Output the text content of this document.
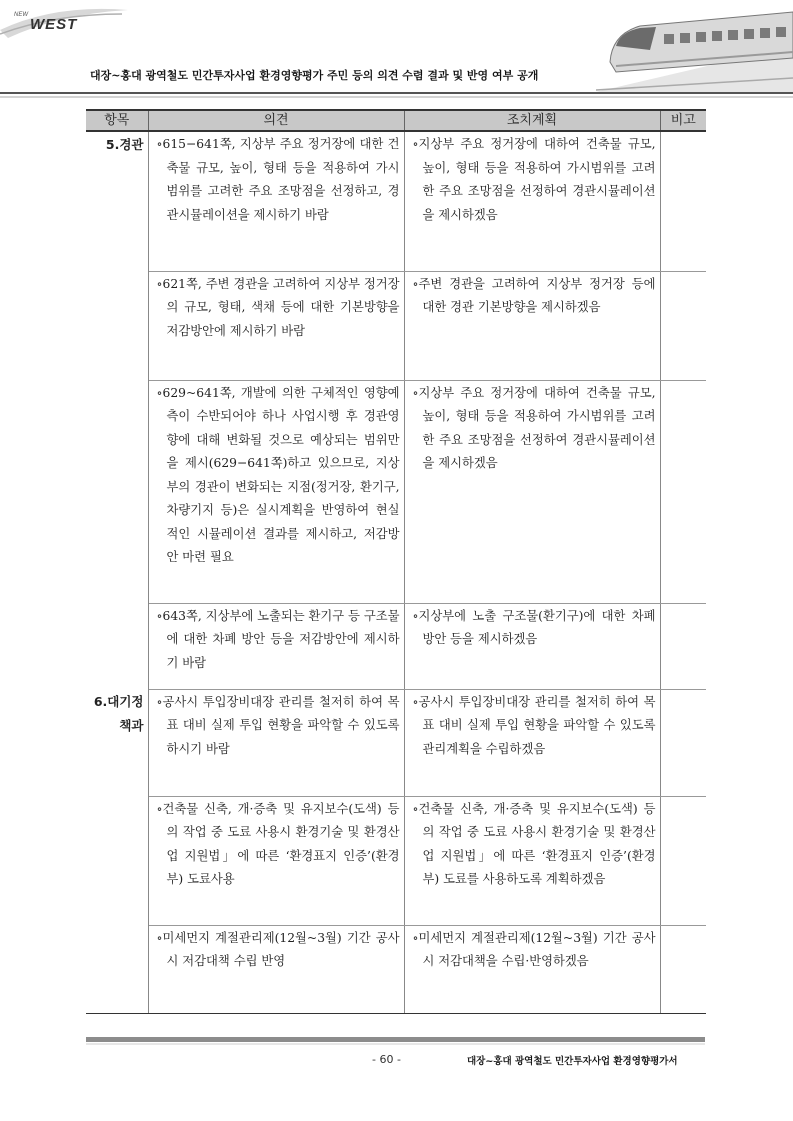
NEW
WEST
대장~홍대 광역철도 민간투자사업 환경영향평가 주민 등의 의견 수렴 결과 및 반영 여부 공개
항목	의견	조치계획	비고
5.경관	∘615−641쪽, 지상부 주요 정거장에 대한 건축물 규모, 높이, 형태 등을 적용하여 가시범위를 고려한 주요 조망점을 선정하고, 경관시뮬레이션을 제시하기 바람	∘지상부 주요 정거장에 대하여 건축물 규모, 높이, 형태 등을 적용하여 가시범위를 고려한 주요 조망점을 선정하여 경관시뮬레이션을 제시하겠음	

	∘621쪽, 주변 경관을 고려하여 지상부 정거장의 규모, 형태, 색채 등에 대한 기본방향을 저감방안에 제시하기 바람	∘주변 경관을 고려하여 지상부 정거장 등에 대한 경관 기본방향을 제시하겠음	

	∘629~641쪽, 개발에 의한 구체적인 영향예측이 수반되어야 하나 사업시행 후 경관영향에 대해 변화될 것으로 예상되는 범위만을 제시(629−641쪽)하고 있으므로, 지상부의 경관이 변화되는 지점(정거장, 환기구, 차량기지 등)은 실시계획을 반영하여 현실적인 시뮬레이션 결과를 제시하고, 저감방안 마련 필요	∘지상부 주요 정거장에 대하여 건축물 규모, 높이, 형태 등을 적용하여 가시범위를 고려한 주요 조망점을 선정하여 경관시뮬레이션을 제시하겠음	

	∘643쪽, 지상부에 노출되는 환기구 등 구조물에 대한 차폐 방안 등을 저감방안에 제시하기 바람	∘지상부에 노출 구조물(환기구)에 대한 차폐방안 등을 제시하겠음	

6.대기정책과	∘공사시 투입장비대장 관리를 철저히 하여 목표 대비 실제 투입 현황을 파악할 수 있도록 하시기 바람	∘공사시 투입장비대장 관리를 철저히 하여 목표 대비 실제 투입 현황을 파악할 수 있도록 관리계획을 수립하겠음	

	∘건축물 신축, 개·증축 및 유지보수(도색) 등의 작업 중 도료 사용시 환경기술 및 환경산업 지원법」에 따른 ‘환경표지 인증’(환경부) 도료사용	∘건축물 신축, 개·증축 및 유지보수(도색) 등의 작업 중 도료 사용시 환경기술 및 환경산업 지원법」에 따른 ‘환경표지 인증’(환경부) 도료를 사용하도록 계획하겠음	

	∘미세먼지 계절관리제(12월~3월) 기간 공사 시 저감대책 수립 반영	∘미세먼지 계절관리제(12월~3월) 기간 공사 시 저감대책을 수립·반영하겠음	

- 60 -	대장~홍대 광역철도 민간투자사업 환경영향평가서
